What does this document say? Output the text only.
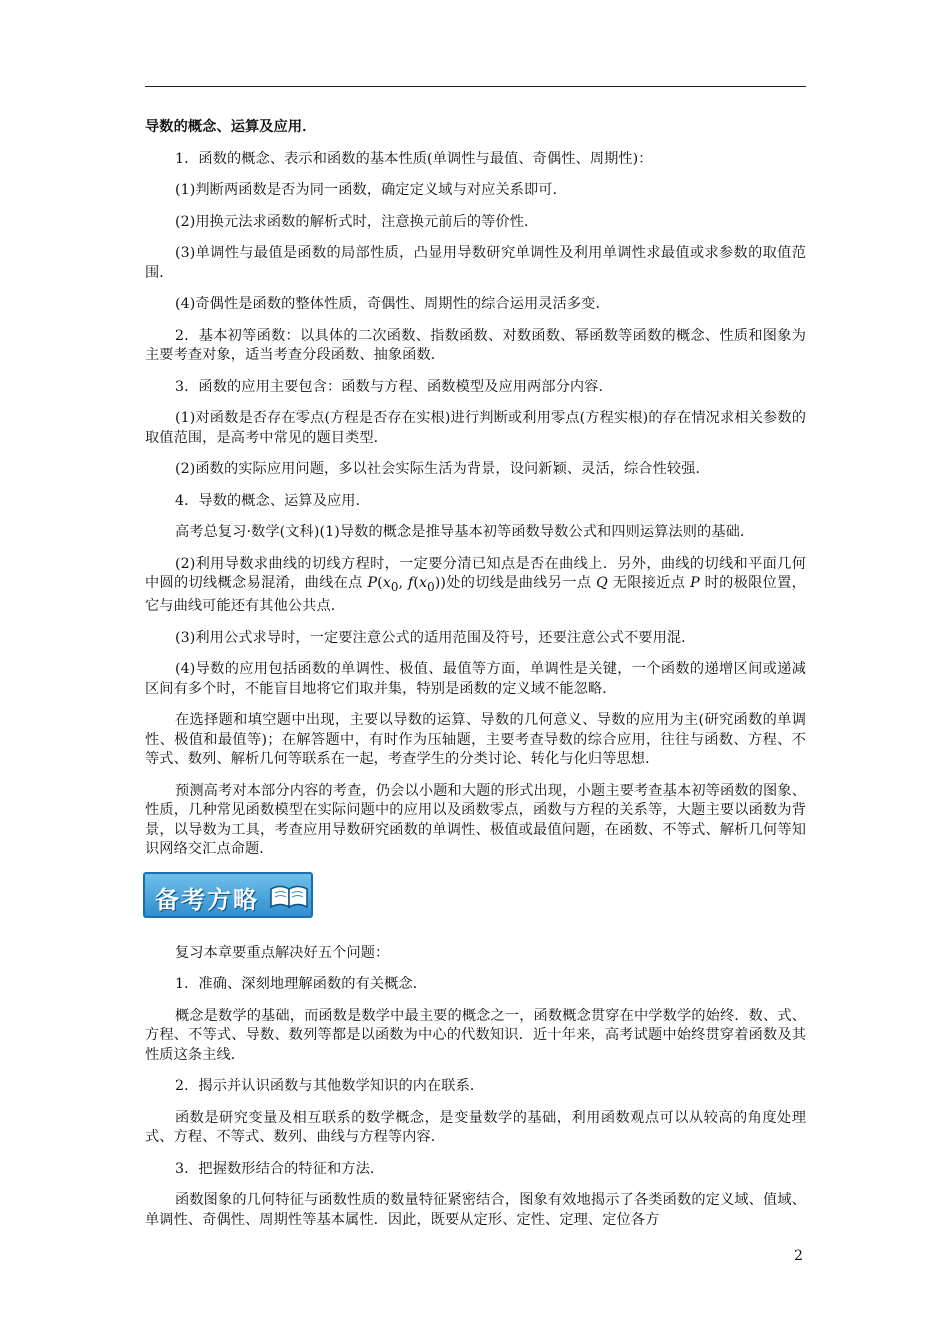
导数的概念、运算及应用．

1．函数的概念、表示和函数的基本性质(单调性与最值、奇偶性、周期性)：

(1)判断两函数是否为同一函数，确定定义域与对应关系即可．

(2)用换元法求函数的解析式时，注意换元前后的等价性．

(3)单调性与最值是函数的局部性质，凸显用导数研究单调性及利用单调性求最值或求参数的取值范围．

(4)奇偶性是函数的整体性质，奇偶性、周期性的综合运用灵活多变．

2．基本初等函数：以具体的二次函数、指数函数、对数函数、幂函数等函数的概念、性质和图象为主要考查对象，适当考查分段函数、抽象函数．

3．函数的应用主要包含：函数与方程、函数模型及应用两部分内容．

(1)对函数是否存在零点(方程是否存在实根)进行判断或利用零点(方程实根)的存在情况求相关参数的取值范围，是高考中常见的题目类型．

(2)函数的实际应用问题，多以社会实际生活为背景，设问新颖、灵活，综合性较强．

4．导数的概念、运算及应用．

高考总复习·数学(文科)(1)导数的概念是推导基本初等函数导数公式和四则运算法则的基础．

(2)利用导数求曲线的切线方程时，一定要分清已知点是否在曲线上．另外，曲线的切线和平面几何中圆的切线概念易混淆，曲线在点 $P(x_0$, $f(x_0)$)处的切线是曲线另一点 Q 无限接近点 P 时的极限位置，它与曲线可能还有其他公共点．

(3)利用公式求导时，一定要注意公式的适用范围及符号，还要注意公式不要用混．

(4)导数的应用包括函数的单调性、极值、最值等方面，单调性是关键，一个函数的递增区间或递减区间有多个时，不能盲目地将它们取并集，特别是函数的定义域不能忽略．

在选择题和填空题中出现，主要以导数的运算、导数的几何意义、导数的应用为主(研究函数的单调性、极值和最值等)；在解答题中，有时作为压轴题，主要考查导数的综合应用，往往与函数、方程、不等式、数列、解析几何等联系在一起，考查学生的分类讨论、转化与化归等思想．

预测高考对本部分内容的考查，仍会以小题和大题的形式出现，小题主要考查基本初等函数的图象、性质，几种常见函数模型在实际问题中的应用以及函数零点，函数与方程的关系等，大题主要以函数为背景，以导数为工具，考查应用导数研究函数的单调性、极值或最值问题，在函数、不等式、解析几何等知识网络交汇点命题．

备考方略

复习本章要重点解决好五个问题：

1．准确、深刻地理解函数的有关概念．

概念是数学的基础，而函数是数学中最主要的概念之一，函数概念贯穿在中学数学的始终．数、式、方程、不等式、导数、数列等都是以函数为中心的代数知识．近十年来，高考试题中始终贯穿着函数及其性质这条主线．

2．揭示并认识函数与其他数学知识的内在联系．

函数是研究变量及相互联系的数学概念，是变量数学的基础，利用函数观点可以从较高的角度处理式、方程、不等式、数列、曲线与方程等内容．

3．把握数形结合的特征和方法．

函数图象的几何特征与函数性质的数量特征紧密结合，图象有效地揭示了各类函数的定义域、值域、单调性、奇偶性、周期性等基本属性．因此，既要从定形、定性、定理、定位各方

2
